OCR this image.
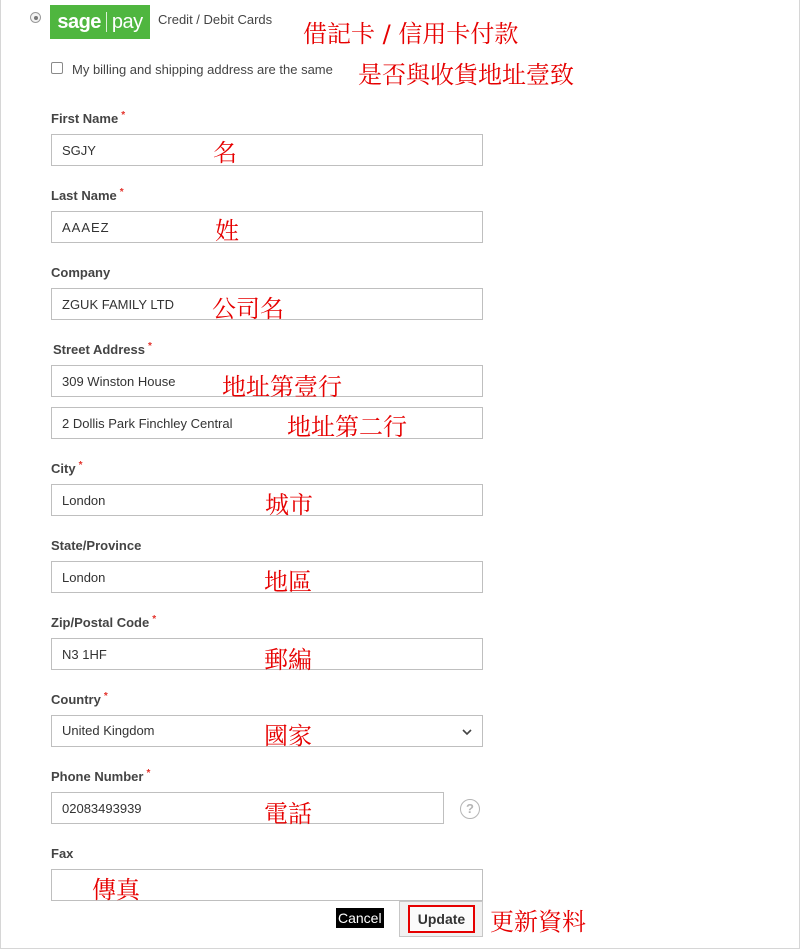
sage pay Credit / Debit Cards
借記卡 / 信用卡付款
My billing and shipping address are the same 是否與收貨地址壹致
First Name *
SGJY
名
Last Name *
AAAEZ
姓
Company
ZGUK FAMILY LTD
公司名
Street Address *
309 Winston House
地址第壹行
2 Dollis Park Finchley Central
地址第二行
City *
London
城市
State/Province
London
地區
Zip/Postal Code *
N3 1HF
郵編
Country *
United Kingdom	國家
Phone Number *
02083493939
電話	?
Fax
傳真
Cancel	Update	更新資料
